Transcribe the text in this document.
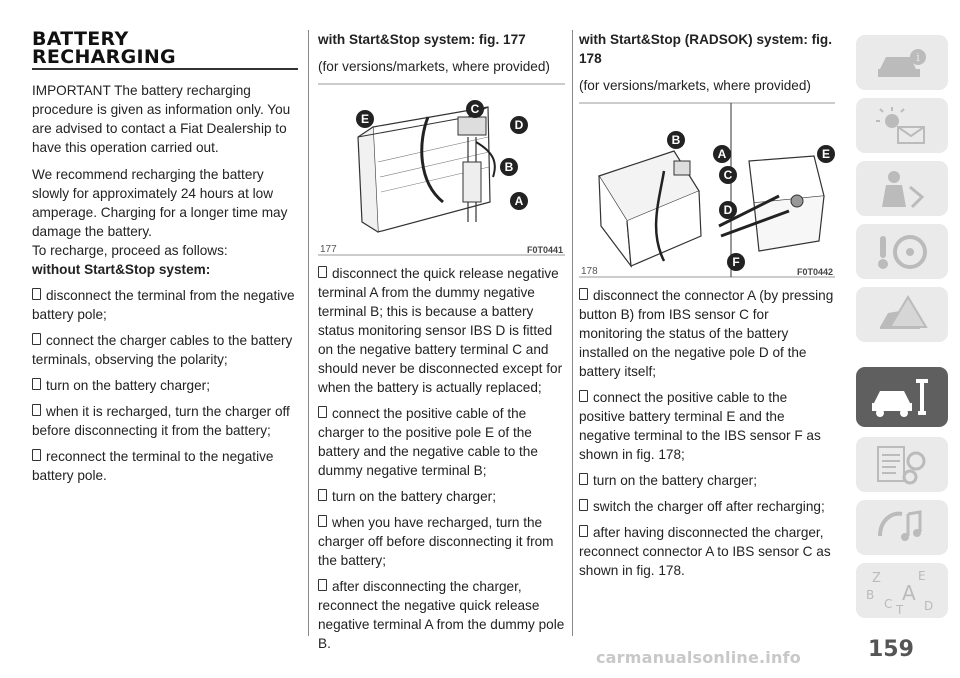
BATTERY
RECHARGING

IMPORTANT The battery recharging procedure is given as information only. You are advised to contact a Fiat Dealership to have this operation carried out.

We recommend recharging the battery slowly for approximately 24 hours at low amperage. Charging for a longer time may damage the battery.

To recharge, proceed as follows:

without Start&Stop system:

disconnect the terminal from the negative battery pole;

connect the charger cables to the battery terminals, observing the polarity;

turn on the battery charger;

when it is recharged, turn the charger off before disconnecting it from the battery;

reconnect the terminal to the negative battery pole.

with Start&Stop system: fig. 177

(for versions/markets, where provided)

E
C
D
B
A
177	F0T0441

disconnect the quick release negative terminal A from the dummy negative terminal B; this is because a battery status monitoring sensor IBS D is fitted on the negative battery terminal C and should never be disconnected except for when the battery is actually replaced;

connect the positive cable of the charger to the positive pole E of the battery and the negative cable to the dummy negative terminal B;

turn on the battery charger;

when you have recharged, turn the charger off before disconnecting it from the battery;

after disconnecting the charger, reconnect the negative quick release negative terminal A from the dummy pole B.

with Start&Stop (RADSOK) system: fig. 178

(for versions/markets, where provided)

B
A
C
D
E
F
178	F0T0442

disconnect the connector A (by pressing button B) from IBS sensor C for monitoring the status of the battery installed on the negative pole D of the battery itself;

connect the positive cable to the positive battery terminal E and the negative terminal to the IBS sensor F as shown in fig. 178;

turn on the battery charger;

switch the charger off after recharging;

after having disconnected the charger, reconnect connector A to IBS sensor C as shown in fig. 178.

i
Z	E
B A
C T D
carmanualsonline.info	159
